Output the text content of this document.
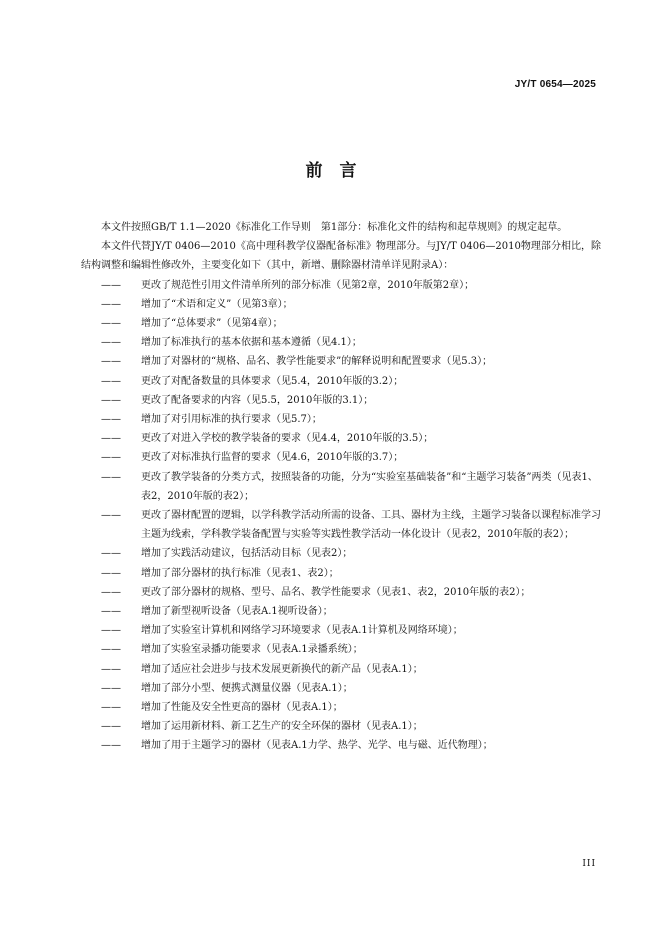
JY/T 0654—2025
前　言

本文件按照GB/T 1.1—2020《标准化工作导则　第1部分：标准化文件的结构和起草规则》的规定起草。

本文件代替JY/T 0406—2010《高中理科教学仪器配备标准》物理部分。与JY/T 0406—2010物理部分相比，除结构调整和编辑性修改外，主要变化如下（其中，新增、删除器材清单详见附录A）：

——	更改了规范性引用文件清单所列的部分标准（见第2章，2010年版第2章）；
——	增加了“术语和定义”（见第3章）；
——	增加了“总体要求”（见第4章）；
——	增加了标准执行的基本依据和基本遵循（见4.1）；
——	增加了对器材的“规格、品名、教学性能要求”的解释说明和配置要求（见5.3）；
——	更改了对配备数量的具体要求（见5.4，2010年版的3.2）；
——	更改了配备要求的内容（见5.5，2010年版的3.1）；
——	增加了对引用标准的执行要求（见5.7）；
——	更改了对进入学校的教学装备的要求（见4.4，2010年版的3.5）；
——	更改了对标准执行监督的要求（见4.6，2010年版的3.7）；
——	更改了教学装备的分类方式，按照装备的功能，分为“实验室基础装备”和“主题学习装备”两类（见表1、表2，2010年版的表2）；
——	更改了器材配置的逻辑，以学科教学活动所需的设备、工具、器材为主线，主题学习装备以课程标准学习主题为线索，学科教学装备配置与实验等实践性教学活动一体化设计（见表2，2010年版的表2）；
——	增加了实践活动建议，包括活动目标（见表2）；
——	增加了部分器材的执行标准（见表1、表2）；
——	更改了部分器材的规格、型号、品名、教学性能要求（见表1、表2，2010年版的表2）；
——	增加了新型视听设备（见表A.1视听设备）；
——	增加了实验室计算机和网络学习环境要求（见表A.1计算机及网络环境）；
——	增加了实验室录播功能要求（见表A.1录播系统）；
——	增加了适应社会进步与技术发展更新换代的新产品（见表A.1）；
——	增加了部分小型、便携式测量仪器（见表A.1）；
——	增加了性能及安全性更高的器材（见表A.1）；
——	增加了运用新材料、新工艺生产的安全环保的器材（见表A.1）；
——	增加了用于主题学习的器材（见表A.1力学、热学、光学、电与磁、近代物理）；
III
